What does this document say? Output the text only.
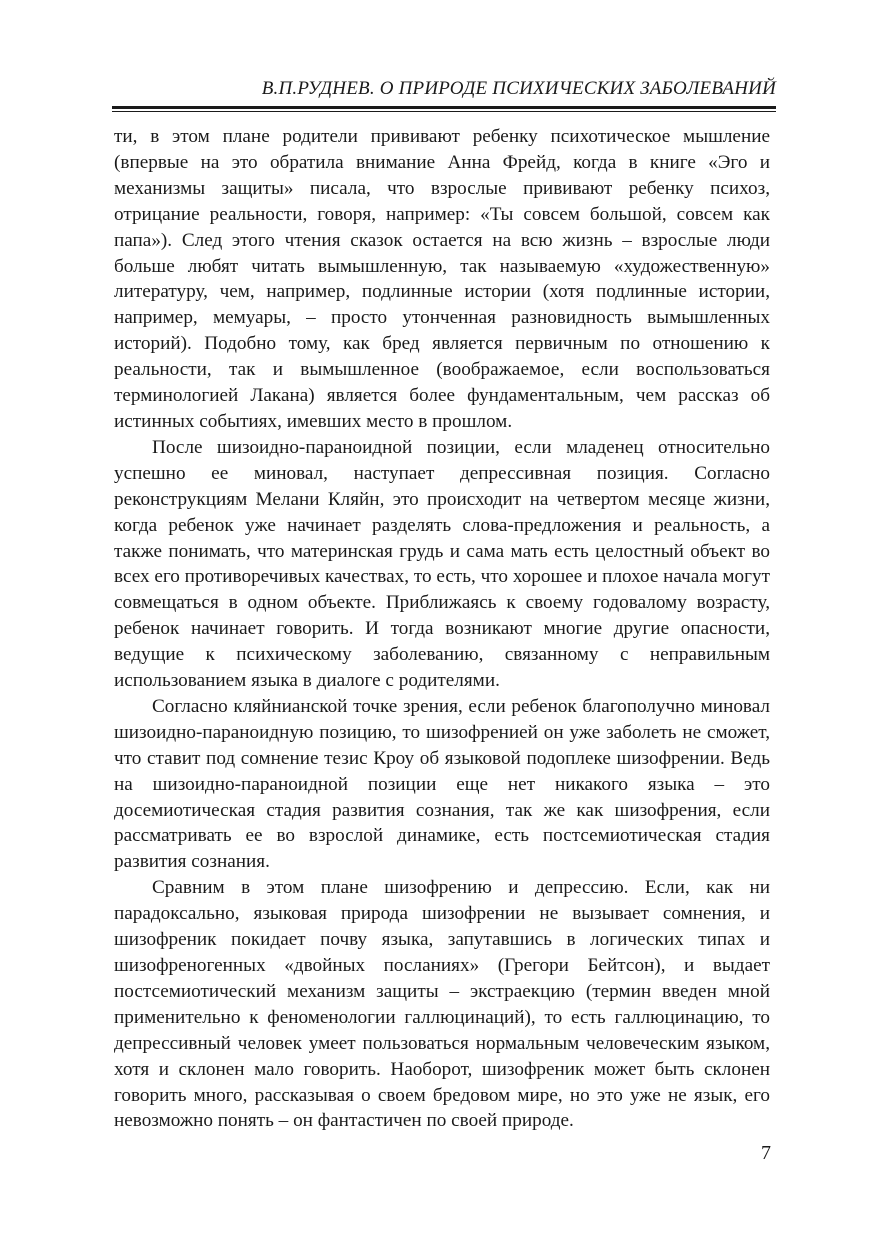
В.П.РУДНЕВ. О ПРИРОДЕ ПСИХИЧЕСКИХ ЗАБОЛЕВАНИЙ

ти, в этом плане родители прививают ребенку психотическое мышление (впервые на это обратила внимание Анна Фрейд, когда в книге «Эго и механизмы защиты» писала, что взрослые прививают ребенку психоз, отрицание реальности, говоря, например: «Ты совсем большой, совсем как папа»). След этого чтения сказок остается на всю жизнь – взрослые люди больше любят читать вымышленную, так называемую «художественную» литературу, чем, например, подлинные истории (хотя подлинные истории, например, мемуары, – просто утонченная разновидность вымышленных историй). Подобно тому, как бред является первичным по отношению к реальности, так и вымышленное (воображаемое, если воспользоваться терминологией Лакана) является более фундаментальным, чем рассказ об истинных событиях, имевших место в прошлом.

После шизоидно-параноидной позиции, если младенец относительно успешно ее миновал, наступает депрессивная позиция. Согласно реконструкциям Мелани Кляйн, это происходит на четвертом месяце жизни, когда ребенок уже начинает разделять слова-предложения и реальность, а также понимать, что материнская грудь и сама мать есть целостный объект во всех его противоречивых качествах, то есть, что хорошее и плохое начала могут совмещаться в одном объекте. Приближаясь к своему годовалому возрасту, ребенок начинает говорить. И тогда возникают многие другие опасности, ведущие к психическому заболеванию, связанному с неправильным использованием языка в диалоге с родителями.

Согласно кляйнианской точке зрения, если ребенок благополучно миновал шизоидно-параноидную позицию, то шизофренией он уже заболеть не сможет, что ставит под сомнение тезис Кроу об языковой подоплеке шизофрении. Ведь на шизоидно-параноидной позиции еще нет никакого языка – это досемиотическая стадия развития сознания, так же как шизофрения, если рассматривать ее во взрослой динамике, есть постсемиотическая стадия развития сознания.

Сравним в этом плане шизофрению и депрессию. Если, как ни парадоксально, языковая природа шизофрении не вызывает сомнения, и шизофреник покидает почву языка, запутавшись в логических типах и шизофреногенных «двойных посланиях» (Грегори Бейтсон), и выдает постсемиотический механизм защиты – экстраекцию (термин введен мной применительно к феноменологии галлюцинаций), то есть галлюцинацию, то депрессивный человек умеет пользоваться нормальным человеческим языком, хотя и склонен мало говорить. Наоборот, шизофреник может быть склонен говорить много, рассказывая о своем бредовом мире, но это уже не язык, его невозможно понять – он фантастичен по своей природе.

7
